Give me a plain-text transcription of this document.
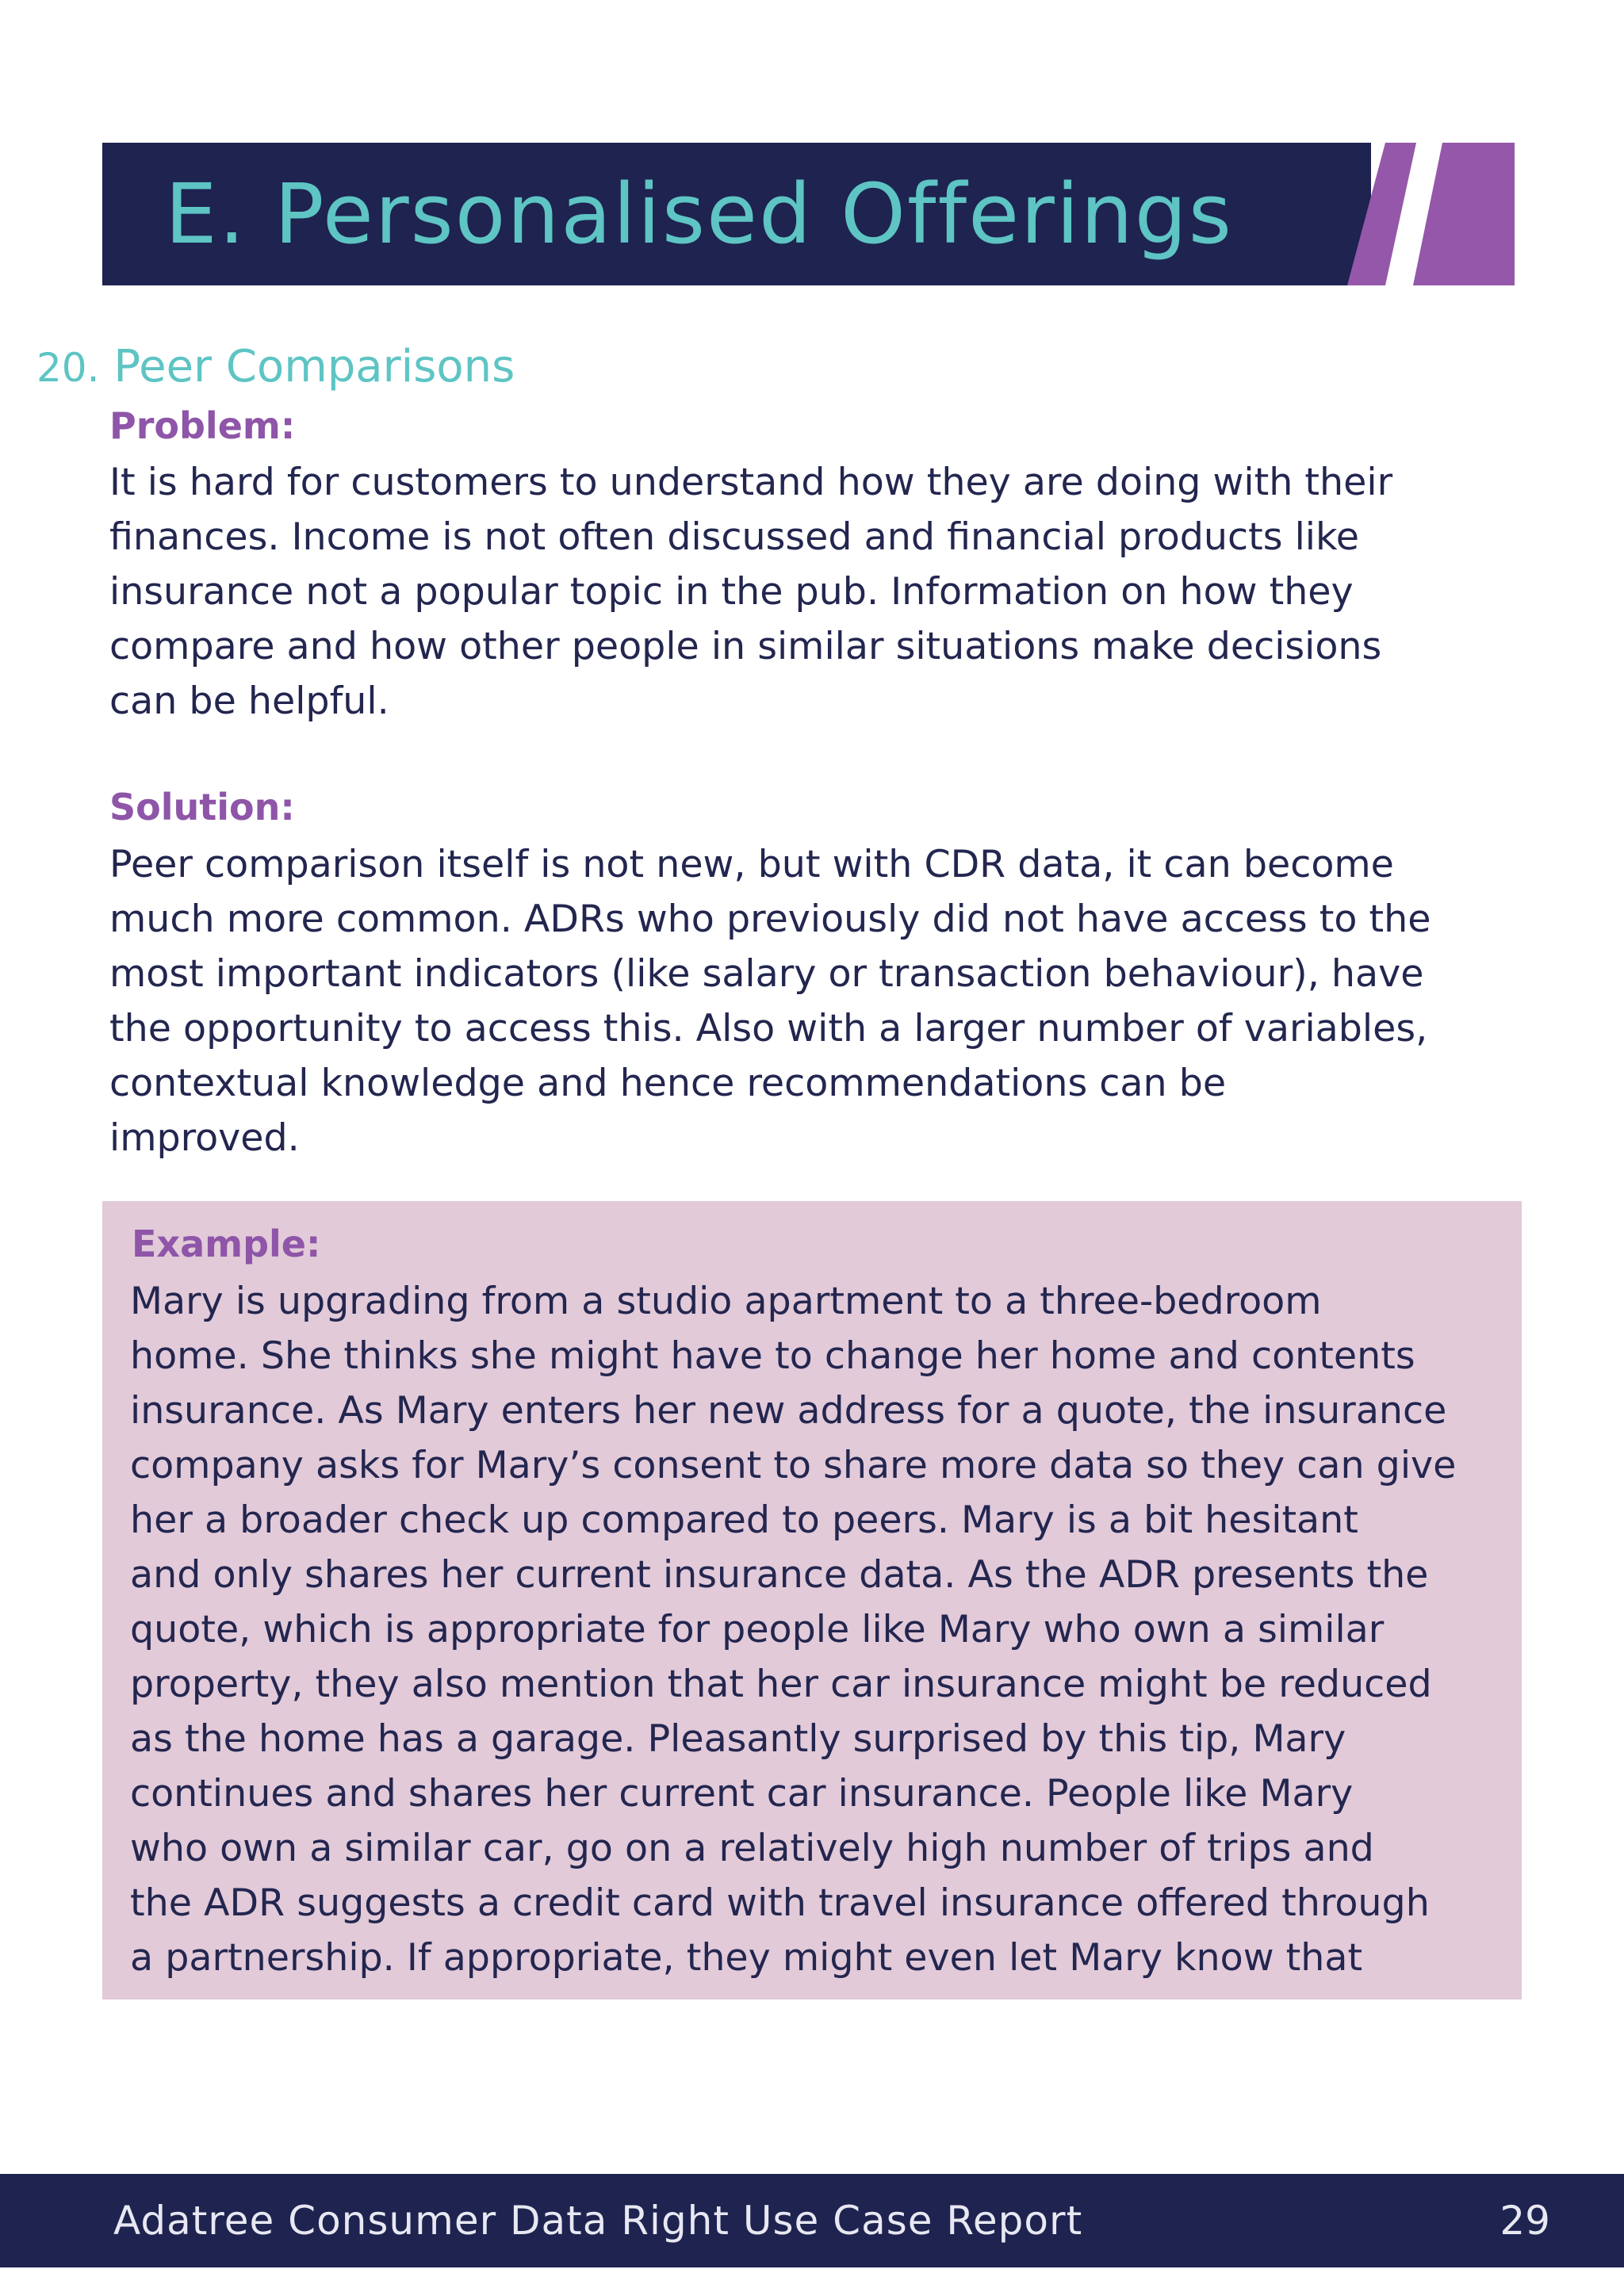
E. Personalised Offerings
20. Peer Comparisons
Problem:
It is hard for customers to understand how they are doing with their
finances. Income is not often discussed and financial products like
insurance not a popular topic in the pub. Information on how they
compare and how other people in similar situations make decisions
can be helpful.
Solution:
Peer comparison itself is not new, but with CDR data, it can become
much more common. ADRs who previously did not have access to the
most important indicators (like salary or transaction behaviour), have
the opportunity to access this. Also with a larger number of variables,
contextual knowledge and hence recommendations can be
improved.
Example:
Mary is upgrading from a studio apartment to a three-bedroom
home. She thinks she might have to change her home and contents
insurance. As Mary enters her new address for a quote, the insurance
company asks for Mary’s consent to share more data so they can give
her a broader check up compared to peers. Mary is a bit hesitant
and only shares her current insurance data. As the ADR presents the
quote, which is appropriate for people like Mary who own a similar
property, they also mention that her car insurance might be reduced
as the home has a garage. Pleasantly surprised by this tip, Mary
continues and shares her current car insurance. People like Mary
who own a similar car, go on a relatively high number of trips and
the ADR suggests a credit card with travel insurance offered through
a partnership. If appropriate, they might even let Mary know that
Adatree Consumer Data Right Use Case Report	29
